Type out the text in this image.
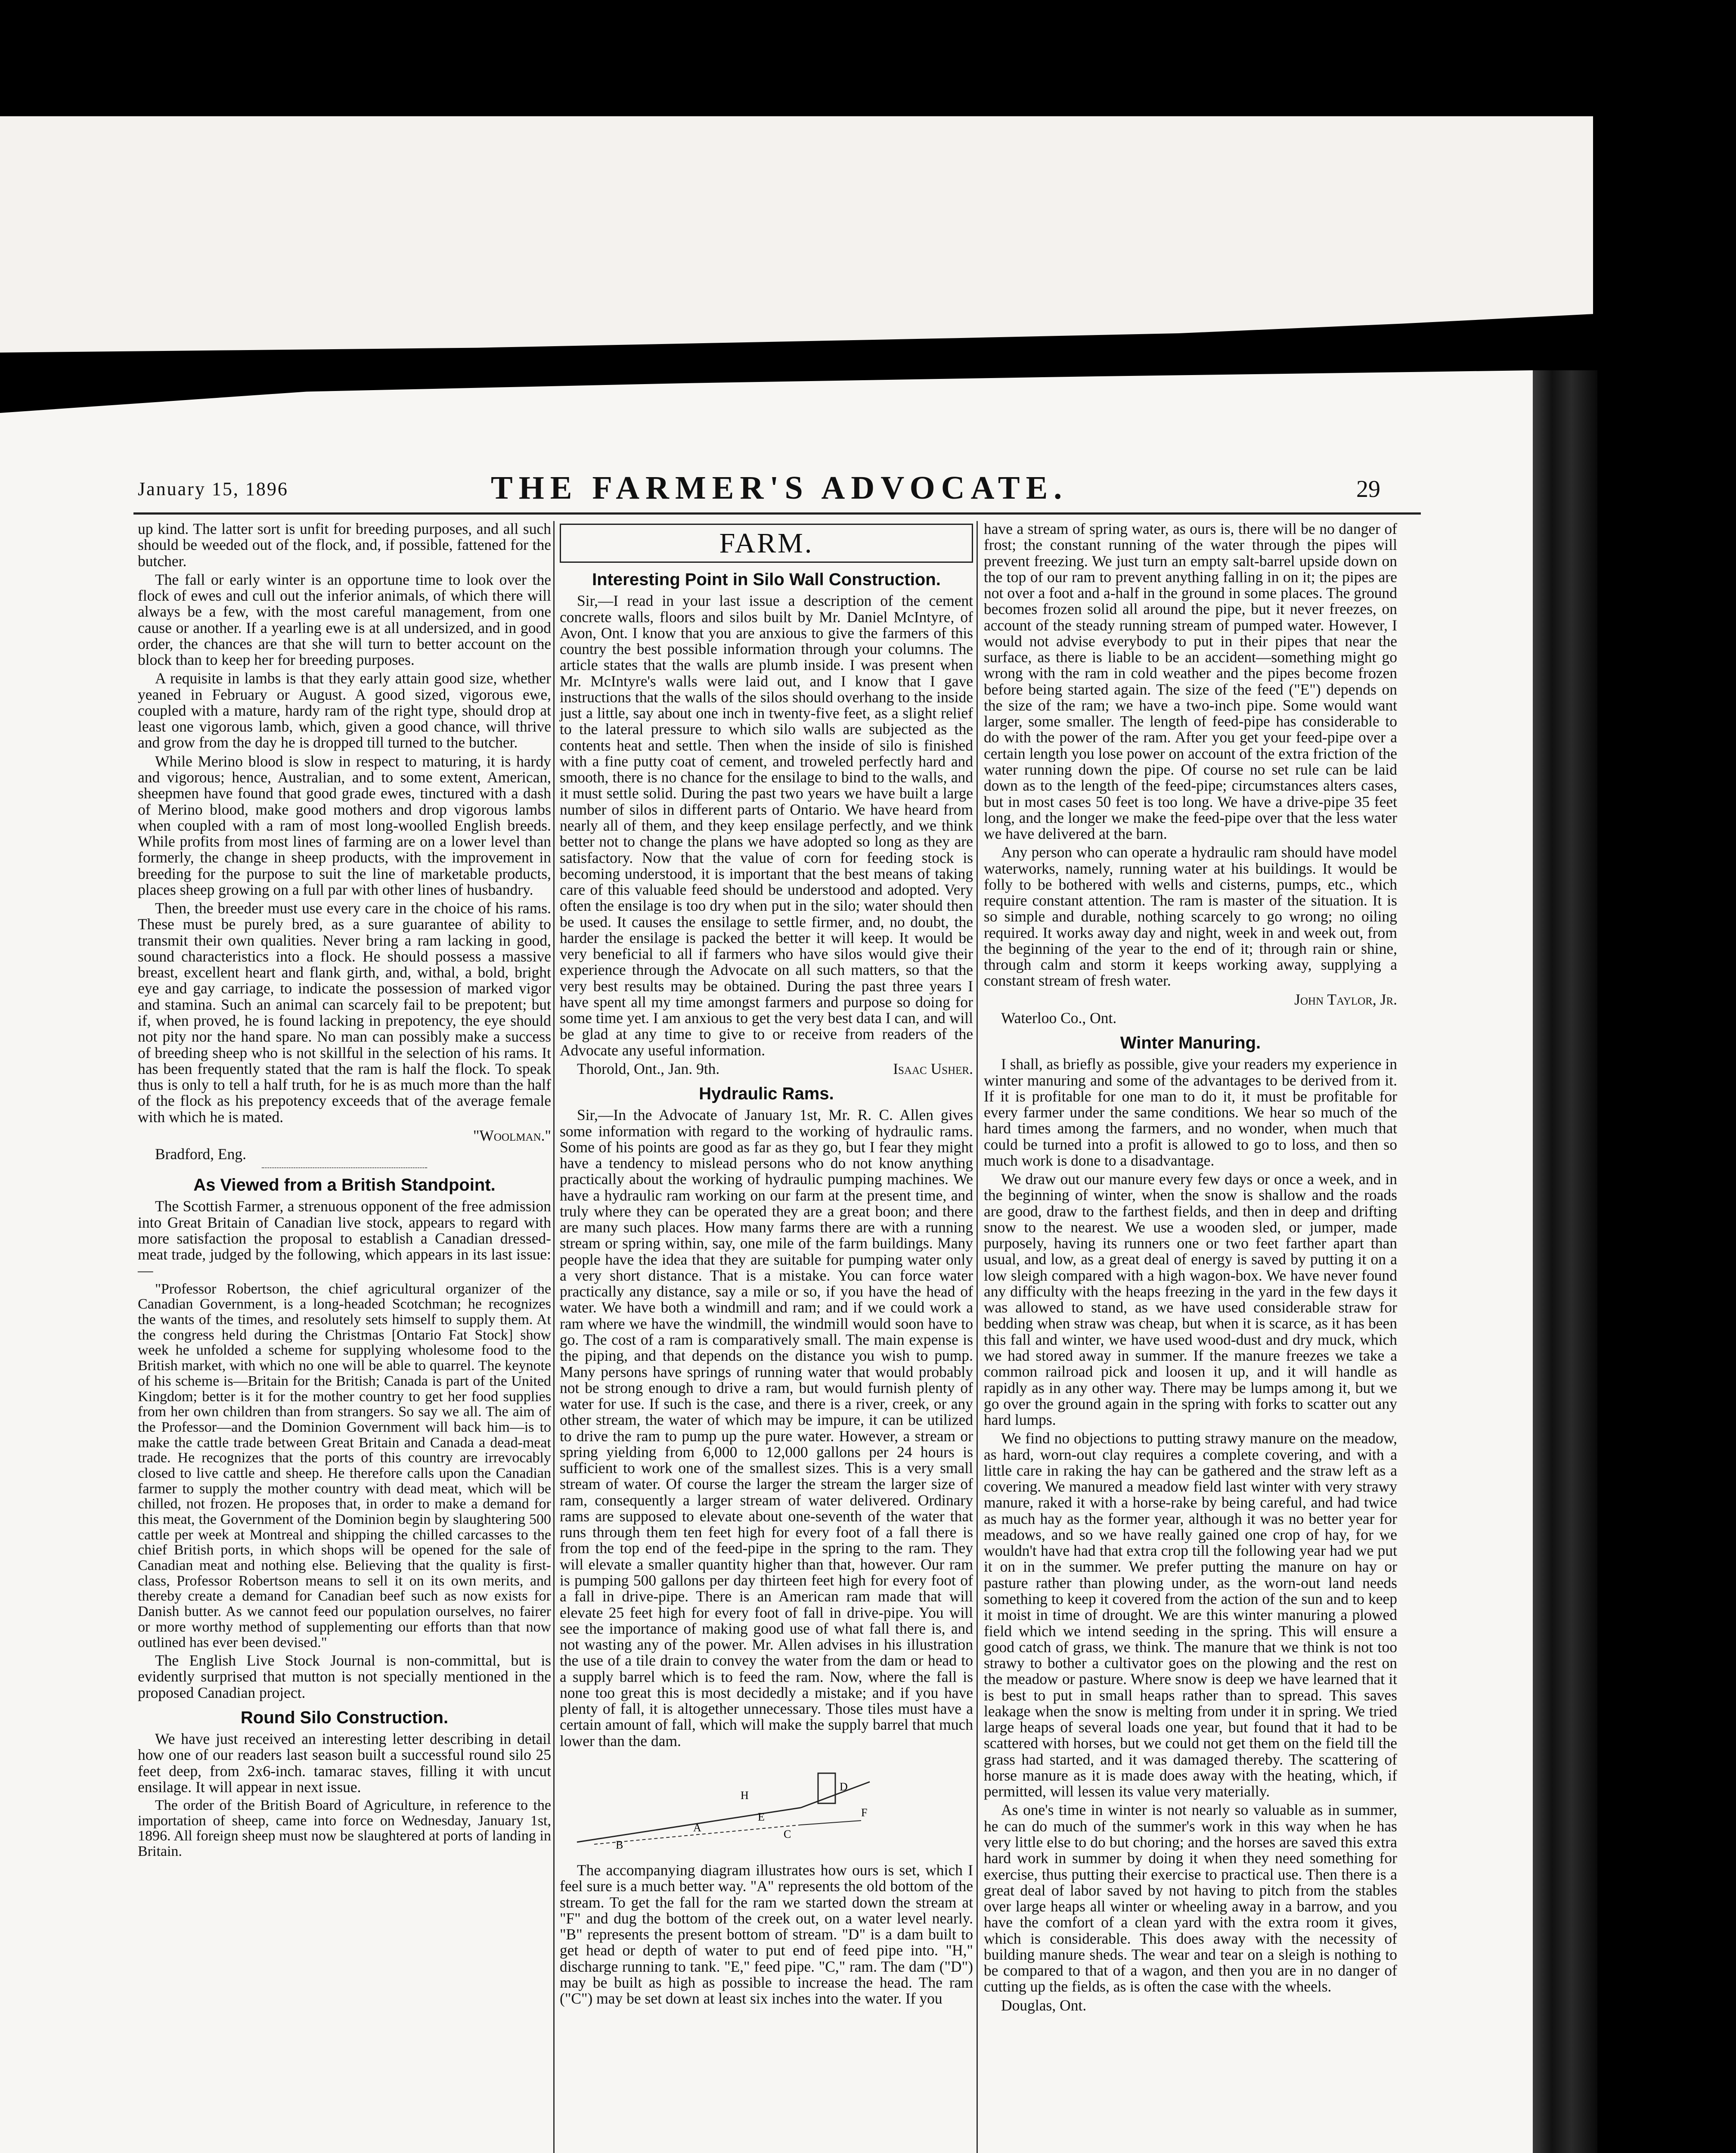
January 15, 1896	THE FARMER'S ADVOCATE.	29

up kind. The latter sort is unfit for breeding purposes, and all such should be weeded out of the flock, and, if possible, fattened for the butcher.

The fall or early winter is an opportune time to look over the flock of ewes and cull out the inferior animals, of which there will always be a few, with the most careful management, from one cause or another. If a yearling ewe is at all undersized, and in good order, the chances are that she will turn to better account on the block than to keep her for breeding purposes.

A requisite in lambs is that they early attain good size, whether yeaned in February or August. A good sized, vigorous ewe, coupled with a mature, hardy ram of the right type, should drop at least one vigorous lamb, which, given a good chance, will thrive and grow from the day he is dropped till turned to the butcher.

While Merino blood is slow in respect to maturing, it is hardy and vigorous; hence, Australian, and to some extent, American, sheepmen have found that good grade ewes, tinctured with a dash of Merino blood, make good mothers and drop vigorous lambs when coupled with a ram of most long-woolled English breeds. While profits from most lines of farming are on a lower level than formerly, the change in sheep products, with the improvement in breeding for the purpose to suit the line of marketable products, places sheep growing on a full par with other lines of husbandry.

Then, the breeder must use every care in the choice of his rams. These must be purely bred, as a sure guarantee of ability to transmit their own qualities. Never bring a ram lacking in good, sound characteristics into a flock. He should possess a massive breast, excellent heart and flank girth, and, withal, a bold, bright eye and gay carriage, to indicate the possession of marked vigor and stamina. Such an animal can scarcely fail to be prepotent; but if, when proved, he is found lacking in prepotency, the eye should not pity nor the hand spare. No man can possibly make a success of breeding sheep who is not skillful in the selection of his rams. It has been frequently stated that the ram is half the flock. To speak thus is only to tell a half truth, for he is as much more than the half of the flock as his prepotency exceeds that of the average female with which he is mated.

"Woolman."

Bradford, Eng.

As Viewed from a British Standpoint.

The Scottish Farmer, a strenuous opponent of the free admission into Great Britain of Canadian live stock, appears to regard with more satisfaction the proposal to establish a Canadian dressed-meat trade, judged by the following, which appears in its last issue:—

"Professor Robertson, the chief agricultural organizer of the Canadian Government, is a long-headed Scotchman; he recognizes the wants of the times, and resolutely sets himself to supply them. At the congress held during the Christmas [Ontario Fat Stock] show week he unfolded a scheme for supplying wholesome food to the British market, with which no one will be able to quarrel. The keynote of his scheme is—Britain for the British; Canada is part of the United Kingdom; better is it for the mother country to get her food supplies from her own children than from strangers. So say we all. The aim of the Professor—and the Dominion Government will back him—is to make the cattle trade between Great Britain and Canada a dead-meat trade. He recognizes that the ports of this country are irrevocably closed to live cattle and sheep. He therefore calls upon the Canadian farmer to supply the mother country with dead meat, which will be chilled, not frozen. He proposes that, in order to make a demand for this meat, the Government of the Dominion begin by slaughtering 500 cattle per week at Montreal and shipping the chilled carcasses to the chief British ports, in which shops will be opened for the sale of Canadian meat and nothing else. Believing that the quality is first-class, Professor Robertson means to sell it on its own merits, and thereby create a demand for Canadian beef such as now exists for Danish butter. As we cannot feed our population ourselves, no fairer or more worthy method of supplementing our efforts than that now outlined has ever been devised."

The English Live Stock Journal is non-committal, but is evidently surprised that mutton is not specially mentioned in the proposed Canadian project.

Round Silo Construction.

We have just received an interesting letter describing in detail how one of our readers last season built a successful round silo 25 feet deep, from 2x6-inch. tamarac staves, filling it with uncut ensilage. It will appear in next issue.

The order of the British Board of Agriculture, in reference to the importation of sheep, came into force on Wednesday, January 1st, 1896. All foreign sheep must now be slaughtered at ports of landing in Britain.

FARM.
Interesting Point in Silo Wall Construction.

Sir,—I read in your last issue a description of the cement concrete walls, floors and silos built by Mr. Daniel McIntyre, of Avon, Ont. I know that you are anxious to give the farmers of this country the best possible information through your columns. The article states that the walls are plumb inside. I was present when Mr. McIntyre's walls were laid out, and I know that I gave instructions that the walls of the silos should overhang to the inside just a little, say about one inch in twenty-five feet, as a slight relief to the lateral pressure to which silo walls are subjected as the contents heat and settle. Then when the inside of silo is finished with a fine putty coat of cement, and troweled perfectly hard and smooth, there is no chance for the ensilage to bind to the walls, and it must settle solid. During the past two years we have built a large number of silos in different parts of Ontario. We have heard from nearly all of them, and they keep ensilage perfectly, and we think better not to change the plans we have adopted so long as they are satisfactory. Now that the value of corn for feeding stock is becoming understood, it is important that the best means of taking care of this valuable feed should be understood and adopted. Very often the ensilage is too dry when put in the silo; water should then be used. It causes the ensilage to settle firmer, and, no doubt, the harder the ensilage is packed the better it will keep. It would be very beneficial to all if farmers who have silos would give their experience through the Advocate on all such matters, so that the very best results may be obtained. During the past three years I have spent all my time amongst farmers and purpose so doing for some time yet. I am anxious to get the very best data I can, and will be glad at any time to give to or receive from readers of the Advocate any useful information.

Thorold, Ont., Jan. 9th.	Isaac Usher.

Hydraulic Rams.

Sir,—In the Advocate of January 1st, Mr. R. C. Allen gives some information with regard to the working of hydraulic rams. Some of his points are good as far as they go, but I fear they might have a tendency to mislead persons who do not know anything practically about the working of hydraulic pumping machines. We have a hydraulic ram working on our farm at the present time, and truly where they can be operated they are a great boon; and there are many such places. How many farms there are with a running stream or spring within, say, one mile of the farm buildings. Many people have the idea that they are suitable for pumping water only a very short distance. That is a mistake. You can force water practically any distance, say a mile or so, if you have the head of water. We have both a windmill and ram; and if we could work a ram where we have the windmill, the windmill would soon have to go. The cost of a ram is comparatively small. The main expense is the piping, and that depends on the distance you wish to pump. Many persons have springs of running water that would probably not be strong enough to drive a ram, but would furnish plenty of water for use. If such is the case, and there is a river, creek, or any other stream, the water of which may be impure, it can be utilized to drive the ram to pump up the pure water. However, a stream or spring yielding from 6,000 to 12,000 gallons per 24 hours is sufficient to work one of the smallest sizes. This is a very small stream of water. Of course the larger the stream the larger size of ram, consequently a larger stream of water delivered. Ordinary rams are supposed to elevate about one-seventh of the water that runs through them ten feet high for every foot of a fall there is from the top end of the feed-pipe in the spring to the ram. They will elevate a smaller quantity higher than that, however. Our ram is pumping 500 gallons per day thirteen feet high for every foot of a fall in drive-pipe. There is an American ram made that will elevate 25 feet high for every foot of fall in drive-pipe. You will see the importance of making good use of what fall there is, and not wasting any of the power. Mr. Allen advises in his illustration the use of a tile drain to convey the water from the dam or head to a supply barrel which is to feed the ram. Now, where the fall is none too great this is most decidedly a mistake; and if you have plenty of fall, it is altogether unnecessary. Those tiles must have a certain amount of fall, which will make the supply barrel that much lower than the dam.

A
B
C
D
E	F
H

The accompanying diagram illustrates how ours is set, which I feel sure is a much better way. "A" represents the old bottom of the stream. To get the fall for the ram we started down the stream at "F" and dug the bottom of the creek out, on a water level nearly. "B" represents the present bottom of stream. "D" is a dam built to get head or depth of water to put end of feed pipe into. "H," discharge running to tank. "E," feed pipe. "C," ram. The dam ("D") may be built as high as possible to increase the head. The ram ("C") may be set down at least six inches into the water. If you

have a stream of spring water, as ours is, there will be no danger of frost; the constant running of the water through the pipes will prevent freezing. We just turn an empty salt-barrel upside down on the top of our ram to prevent anything falling in on it; the pipes are not over a foot and a-half in the ground in some places. The ground becomes frozen solid all around the pipe, but it never freezes, on account of the steady running stream of pumped water. However, I would not advise everybody to put in their pipes that near the surface, as there is liable to be an accident—something might go wrong with the ram in cold weather and the pipes become frozen before being started again. The size of the feed ("E") depends on the size of the ram; we have a two-inch pipe. Some would want larger, some smaller. The length of feed-pipe has considerable to do with the power of the ram. After you get your feed-pipe over a certain length you lose power on account of the extra friction of the water running down the pipe. Of course no set rule can be laid down as to the length of the feed-pipe; circumstances alters cases, but in most cases 50 feet is too long. We have a drive-pipe 35 feet long, and the longer we make the feed-pipe over that the less water we have delivered at the barn.

Any person who can operate a hydraulic ram should have model waterworks, namely, running water at his buildings. It would be folly to be bothered with wells and cisterns, pumps, etc., which require constant attention. The ram is master of the situation. It is so simple and durable, nothing scarcely to go wrong; no oiling required. It works away day and night, week in and week out, from the beginning of the year to the end of it; through rain or shine, through calm and storm it keeps working away, supplying a constant stream of fresh water.

John Taylor, Jr.

Waterloo Co., Ont.

Winter Manuring.

I shall, as briefly as possible, give your readers my experience in winter manuring and some of the advantages to be derived from it. If it is profitable for one man to do it, it must be profitable for every farmer under the same conditions. We hear so much of the hard times among the farmers, and no wonder, when much that could be turned into a profit is allowed to go to loss, and then so much work is done to a disadvantage.

We draw out our manure every few days or once a week, and in the beginning of winter, when the snow is shallow and the roads are good, draw to the farthest fields, and then in deep and drifting snow to the nearest. We use a wooden sled, or jumper, made purposely, having its runners one or two feet farther apart than usual, and low, as a great deal of energy is saved by putting it on a low sleigh compared with a high wagon-box. We have never found any difficulty with the heaps freezing in the yard in the few days it was allowed to stand, as we have used considerable straw for bedding when straw was cheap, but when it is scarce, as it has been this fall and winter, we have used wood-dust and dry muck, which we had stored away in summer. If the manure freezes we take a common railroad pick and loosen it up, and it will handle as rapidly as in any other way. There may be lumps among it, but we go over the ground again in the spring with forks to scatter out any hard lumps.

We find no objections to putting strawy manure on the meadow, as hard, worn-out clay requires a complete covering, and with a little care in raking the hay can be gathered and the straw left as a covering. We manured a meadow field last winter with very strawy manure, raked it with a horse-rake by being careful, and had twice as much hay as the former year, although it was no better year for meadows, and so we have really gained one crop of hay, for we wouldn't have had that extra crop till the following year had we put it on in the summer. We prefer putting the manure on hay or pasture rather than plowing under, as the worn-out land needs something to keep it covered from the action of the sun and to keep it moist in time of drought. We are this winter manuring a plowed field which we intend seeding in the spring. This will ensure a good catch of grass, we think. The manure that we think is not too strawy to bother a cultivator goes on the plowing and the rest on the meadow or pasture. Where snow is deep we have learned that it is best to put in small heaps rather than to spread. This saves leakage when the snow is melting from under it in spring. We tried large heaps of several loads one year, but found that it had to be scattered with horses, but we could not get them on the field till the grass had started, and it was damaged thereby. The scattering of horse manure as it is made does away with the heating, which, if permitted, will lessen its value very materially.

As one's time in winter is not nearly so valuable as in summer, he can do much of the summer's work in this way when he has very little else to do but choring; and the horses are saved this extra hard work in summer by doing it when they need something for exercise, thus putting their exercise to practical use. Then there is a great deal of labor saved by not having to pitch from the stables over large heaps all winter or wheeling away in a barrow, and you have the comfort of a clean yard with the extra room it gives, which is considerable. This does away with the necessity of building manure sheds. The wear and tear on a sleigh is nothing to be compared to that of a wagon, and then you are in no danger of cutting up the fields, as is often the case with the wheels.

Douglas, Ont.
